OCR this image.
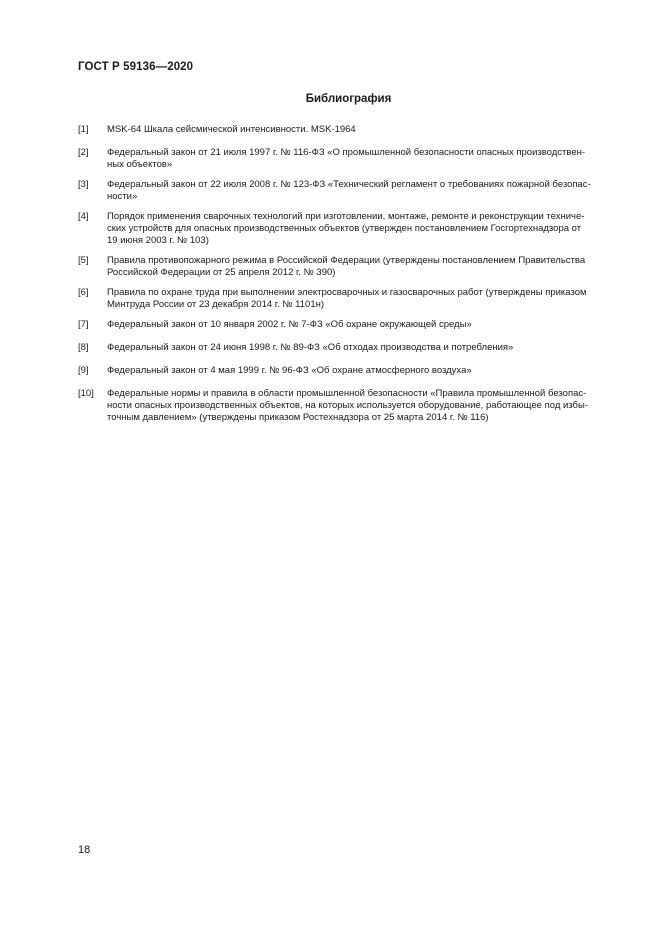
ГОСТ Р 59136—2020
Библиография
[1] MSK-64 Шкала сейсмической интенсивности. MSK-1964
[2] Федеральный закон от 21 июля 1997 г. № 116-ФЗ «О промышленной безопасности опасных производствен-
ных объектов»
[3] Федеральный закон от 22 июля 2008 г. № 123-ФЗ «Технический регламент о требованиях пожарной безопас-
ности»
[4] Порядок применения сварочных технологий при изготовлении, монтаже, ремонте и реконструкции техниче-
ских устройств для опасных производственных объектов (утвержден постановлением Госгортехнадзора от
19 июня 2003 г. № 103)
[5] Правила противопожарного режима в Российской Федерации (утверждены постановлением Правительства
Российской Федерации от 25 апреля 2012 г. № 390)
[6] Правила по охране труда при выполнении электросварочных и газосварочных работ (утверждены приказом
Минтруда России от 23 декабря 2014 г. № 1101н)
[7] Федеральный закон от 10 января 2002 г. № 7-ФЗ «Об охране окружающей среды»
[8] Федеральный закон от 24 июня 1998 г. № 89-ФЗ «Об отходах производства и потребления»
[9] Федеральный закон от 4 мая 1999 г. № 96-ФЗ «Об охране атмосферного воздуха»
[10] Федеральные нормы и правила в области промышленной безопасности «Правила промышленной безопас-
ности опасных производственных объектов, на которых используется оборудование, работающее под избы-
точным давлением» (утверждены приказом Ростехнадзора от 25 марта 2014 г. № 116)
18
